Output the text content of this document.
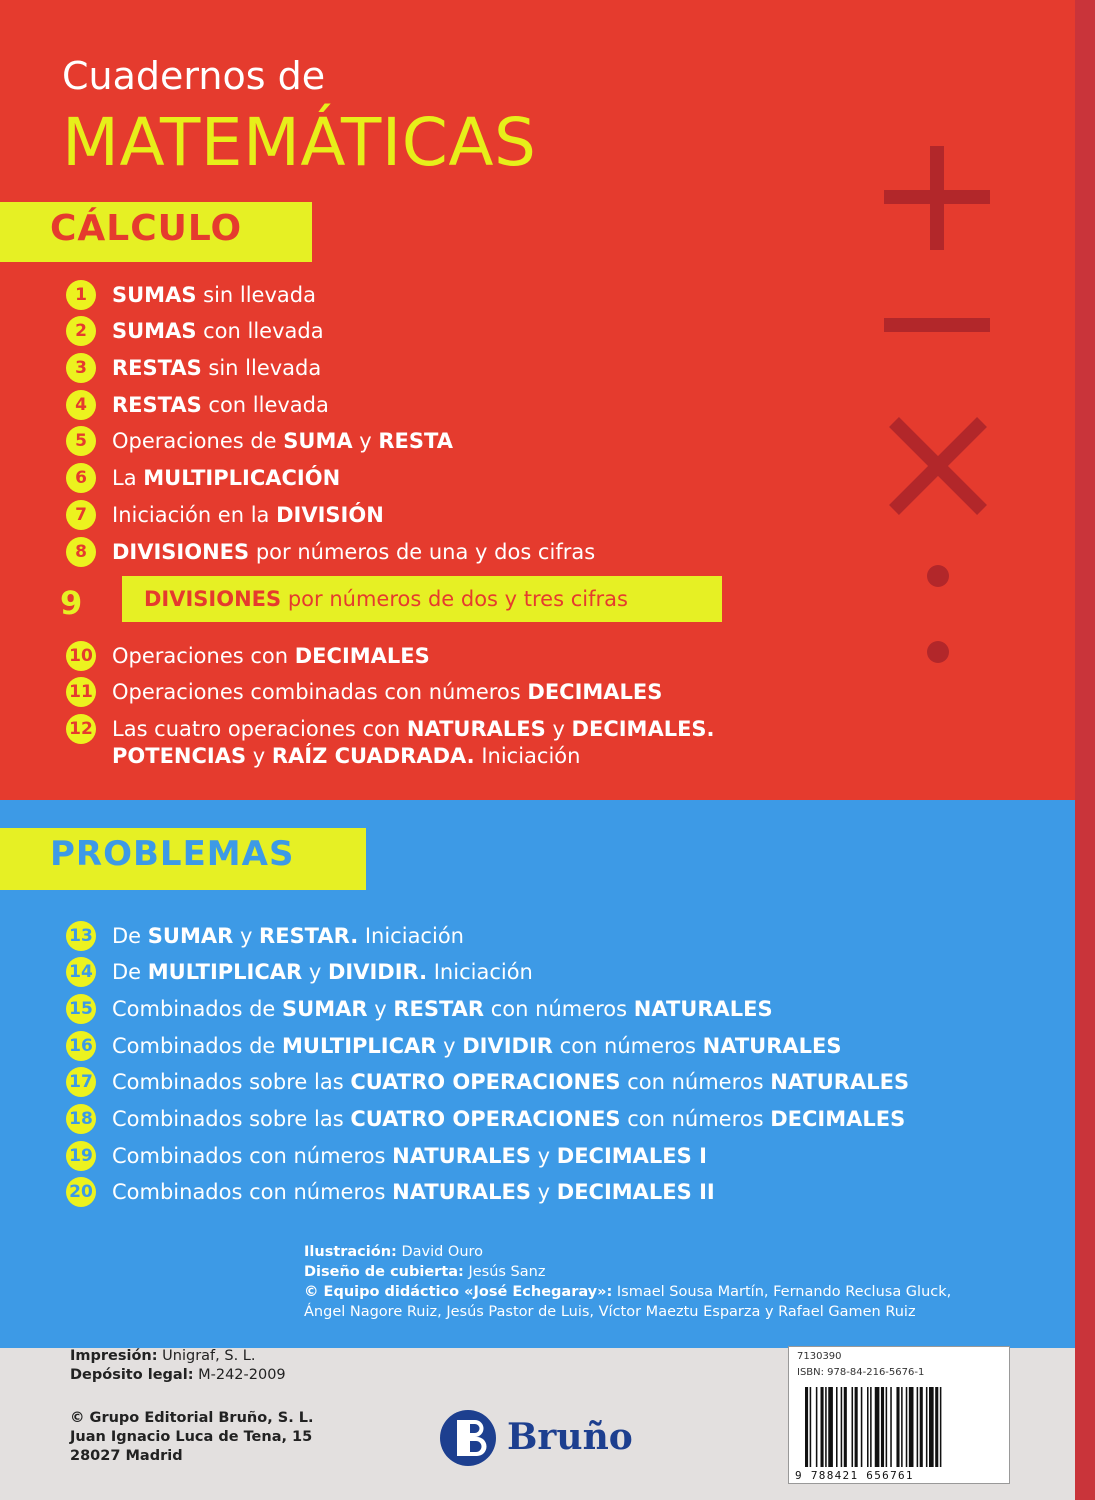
Cuadernos de
MATEMÁTICAS
CÁLCULO
1	SUMAS sin llevada
2	SUMAS con llevada
3	RESTAS sin llevada
4	RESTAS con llevada
5	Operaciones de SUMA y RESTA
6	La MULTIPLICACIÓN
7	Iniciación en la DIVISIÓN
8	DIVISIONES por números de una y dos cifras
9	DIVISIONES por números de dos y tres cifras
10 Operaciones con DECIMALES
11 Operaciones combinadas con números DECIMALES
12 Las cuatro operaciones con NATURALES y DECIMALES.
POTENCIAS y RAÍZ CUADRADA. Iniciación
13 De SUMAR y RESTAR. Iniciación
14 De MULTIPLICAR y DIVIDIR. Iniciación
15 Combinados de SUMAR y RESTAR con números NATURALES
16 Combinados de MULTIPLICAR y DIVIDIR con números NATURALES
17 Combinados sobre las CUATRO OPERACIONES con números NATURALES
18 Combinados sobre las CUATRO OPERACIONES con números DECIMALES
19 Combinados con números NATURALES y DECIMALES I
20 Combinados con números NATURALES y DECIMALES II
Ilustración: David Ouro
Diseño de cubierta: Jesús Sanz
© Equipo didáctico «José Echegaray»: Ismael Sousa Martín, Fernando Reclusa Gluck,
Ángel Nagore Ruiz, Jesús Pastor de Luis, Víctor Maeztu Esparza y Rafael Gamen Ruiz
PROBLEMAS
Impresión: Unigraf, S. L.
Depósito legal: M-242-2009
© Grupo Editorial Bruño, S. L.
Juan Ignacio Luca de Tena, 15
28027 Madrid	Bruño
7130390
ISBN: 978-84-216-5676-1
9 788421 656761
